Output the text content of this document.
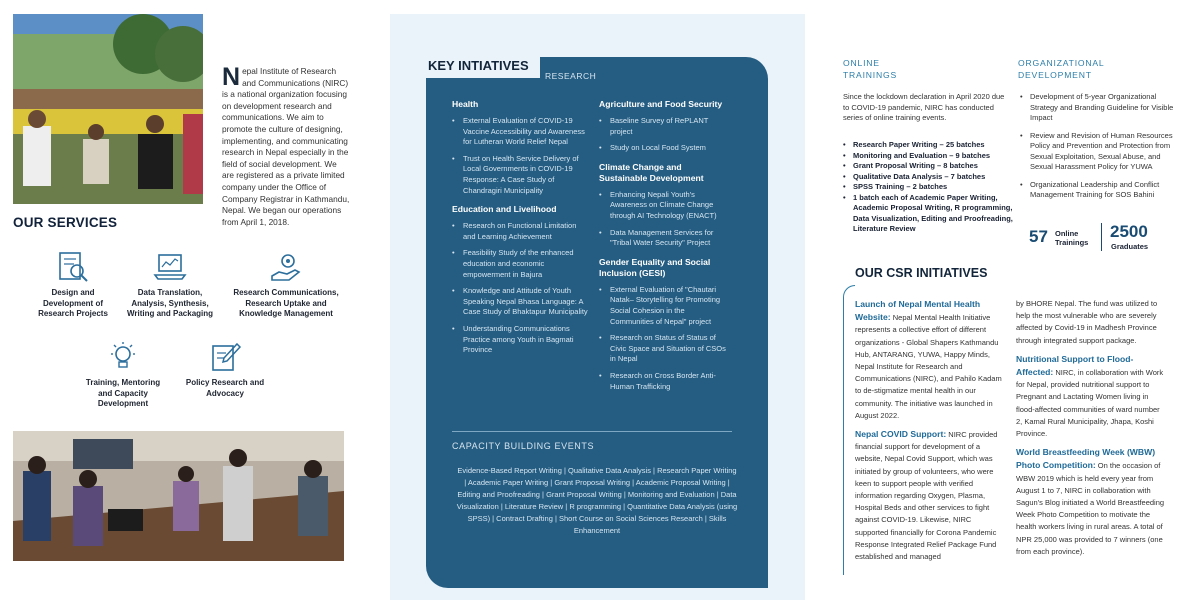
Nepal Institute of Research and Communications (NIRC) is a national organization focusing on development research and communications. We aim to promote the culture of designing, implementing, and communicating research in Nepal especially in the field of social development. We are registered as a private limited company under the Office of Company Registrar in Kathmandu, Nepal. We began our operations from April 1, 2018.
OUR SERVICES
Design and Development of Research Projects
Data Translation, Analysis, Synthesis, Writing and Packaging
Research Communications, Research Uptake and Knowledge Management
Training, Mentoring and Capacity Development
Policy Research and Advocacy
KEY INTIATIVES
RESEARCH
Health
• External Evaluation of COVID-19 Vaccine Accessibility and Awareness for Lutheran World Relief Nepal
• Trust on Health Service Delivery of Local Governments in COVID-19 Response: A Case Study of Chandragiri Municipality
Education and Livelihood
• Research on Functional Limitation and Learning Achievement
• Feasibility Study of the enhanced education and economic empowerment in Bajura
• Knowledge and Attitude of Youth Speaking Nepal Bhasa Language: A Case Study of Bhaktapur Municipality
• Understanding Communications Practice among Youth in Bagmati Province
Agriculture and Food Security
• Baseline Survey of RePLANT project
• Study on Local Food System
Climate Change and Sustainable Development
• Enhancing Nepali Youth's Awareness on Climate Change through AI Technology (ENACT)
• Data Management Services for "Tribal Water Security" Project
Gender Equality and Social Inclusion (GESI)
• External Evaluation of "Chautari Natak– Storytelling for Promoting Social Cohesion in the Communities of Nepal" project
• Research on Status of Status of Civic Space and Situation of CSOs in Nepal
• Research on Cross Border Anti-Human Trafficking
CAPACITY BUILDING EVENTS
Evidence-Based Report Writing | Qualitative Data Analysis | Research Paper Writing | Academic Paper Writing | Grant Proposal Writing | Academic Proposal Writing | Editing and Proofreading | Grant Proposal Writing | Monitoring and Evaluation | Data Visualization | Literature Review | R programming | Quantitative Data Analysis (using SPSS) | Contract Drafting | Short Course on Social Sciences Research | Skills Enhancement
ONLINE
TRAININGS
ORGANIZATIONAL
DEVELOPMENT
Since the lockdown declaration in April 2020 due to COVID-19 pandemic, NIRC has conducted series of online training events.
• Research Paper Writing – 25 batches
• Monitoring and Evaluation – 9 batches
• Grant Proposal Writing – 8 batches
• Qualitative Data Analysis – 7 batches
• SPSS Training – 2 batches
• 1 batch each of Academic Paper Writing, Academic Proposal Writing, R programming, Data Visualization, Editing and Proofreading, Literature Review
• Development of 5-year Organizational Strategy and Branding Guideline for Visible Impact
• Review and Revision of Human Resources Policy and Prevention and Protection from Sexual Exploitation, Sexual Abuse, and Sexual Harassment Policy for YUWA
• Organizational Leadership and Conflict Management Training for SOS Bahini
57 Online Trainings
2500
Graduates
OUR CSR INITIATIVES

Launch of Nepal Mental Health Website: Nepal Mental Health Initiative represents a collective effort of different organizations - Global Shapers Kathmandu Hub, ANTARANG, YUWA, Happy Minds, Nepal Institute for Research and Communications (NIRC), and Pahilo Kadam to de-stigmatize mental health in our community. The initiative was launched in August 2022.

Nepal COVID Support: NIRC provided financial support for development of a website, Nepal Covid Support, which was initiated by group of volunteers, who were keen to support people with verified information regarding Oxygen, Plasma, Hospital Beds and other services to fight against COVID-19. Likewise, NIRC supported financially for Corona Pandemic Response Integrated Relief Package Fund established and managed

by BHORE Nepal. The fund was utilized to help the most vulnerable who are severely affected by Covid-19 in Madhesh Province through integrated support package.

Nutritional Support to Flood-Affected: NIRC, in collaboration with Work for Nepal, provided nutritional support to Pregnant and Lactating Women living in flood-affected communities of ward number 2, Kamal Rural Municipality, Jhapa, Koshi Province.

World Breastfeeding Week (WBW) Photo Competition: On the occasion of WBW 2019 which is held every year from August 1 to 7, NIRC in collaboration with Sagun's Blog initiated a World Breastfeeding Week Photo Competition to motivate the health workers living in rural areas. A total of NPR 25,000 was provided to 7 winners (one from each province).
